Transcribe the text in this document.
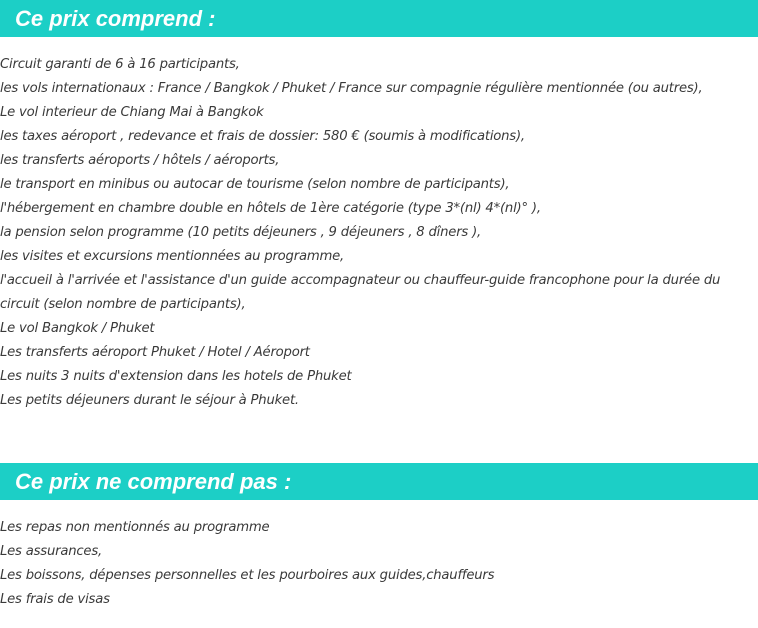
Ce prix comprend :
Circuit garanti de 6 à 16 participants,
les vols internationaux : France / Bangkok / Phuket / France sur compagnie régulière mentionnée (ou autres),
Le vol interieur de Chiang Mai à Bangkok
les taxes aéroport , redevance et frais de dossier: 580 € (soumis à modifications),
les transferts aéroports / hôtels / aéroports,
le transport en minibus ou autocar de tourisme (selon nombre de participants),
l'hébergement en chambre double en hôtels de 1ère catégorie (type 3*(nl) 4*(nl)° ),
la pension selon programme (10 petits déjeuners , 9 déjeuners , 8 dîners ),
les visites et excursions mentionnées au programme,
l'accueil à l'arrivée et l'assistance d'un guide accompagnateur ou chauffeur-guide francophone pour la durée du circuit (selon nombre de participants),
Le vol Bangkok / Phuket
Les transferts aéroport Phuket / Hotel / Aéroport
Les nuits 3 nuits d'extension dans les hotels de Phuket
Les petits déjeuners durant le séjour à Phuket.
Ce prix ne comprend pas :
Les repas non mentionnés au programme
Les assurances,
Les boissons, dépenses personnelles et les pourboires aux guides,chauffeurs
Les frais de visas
